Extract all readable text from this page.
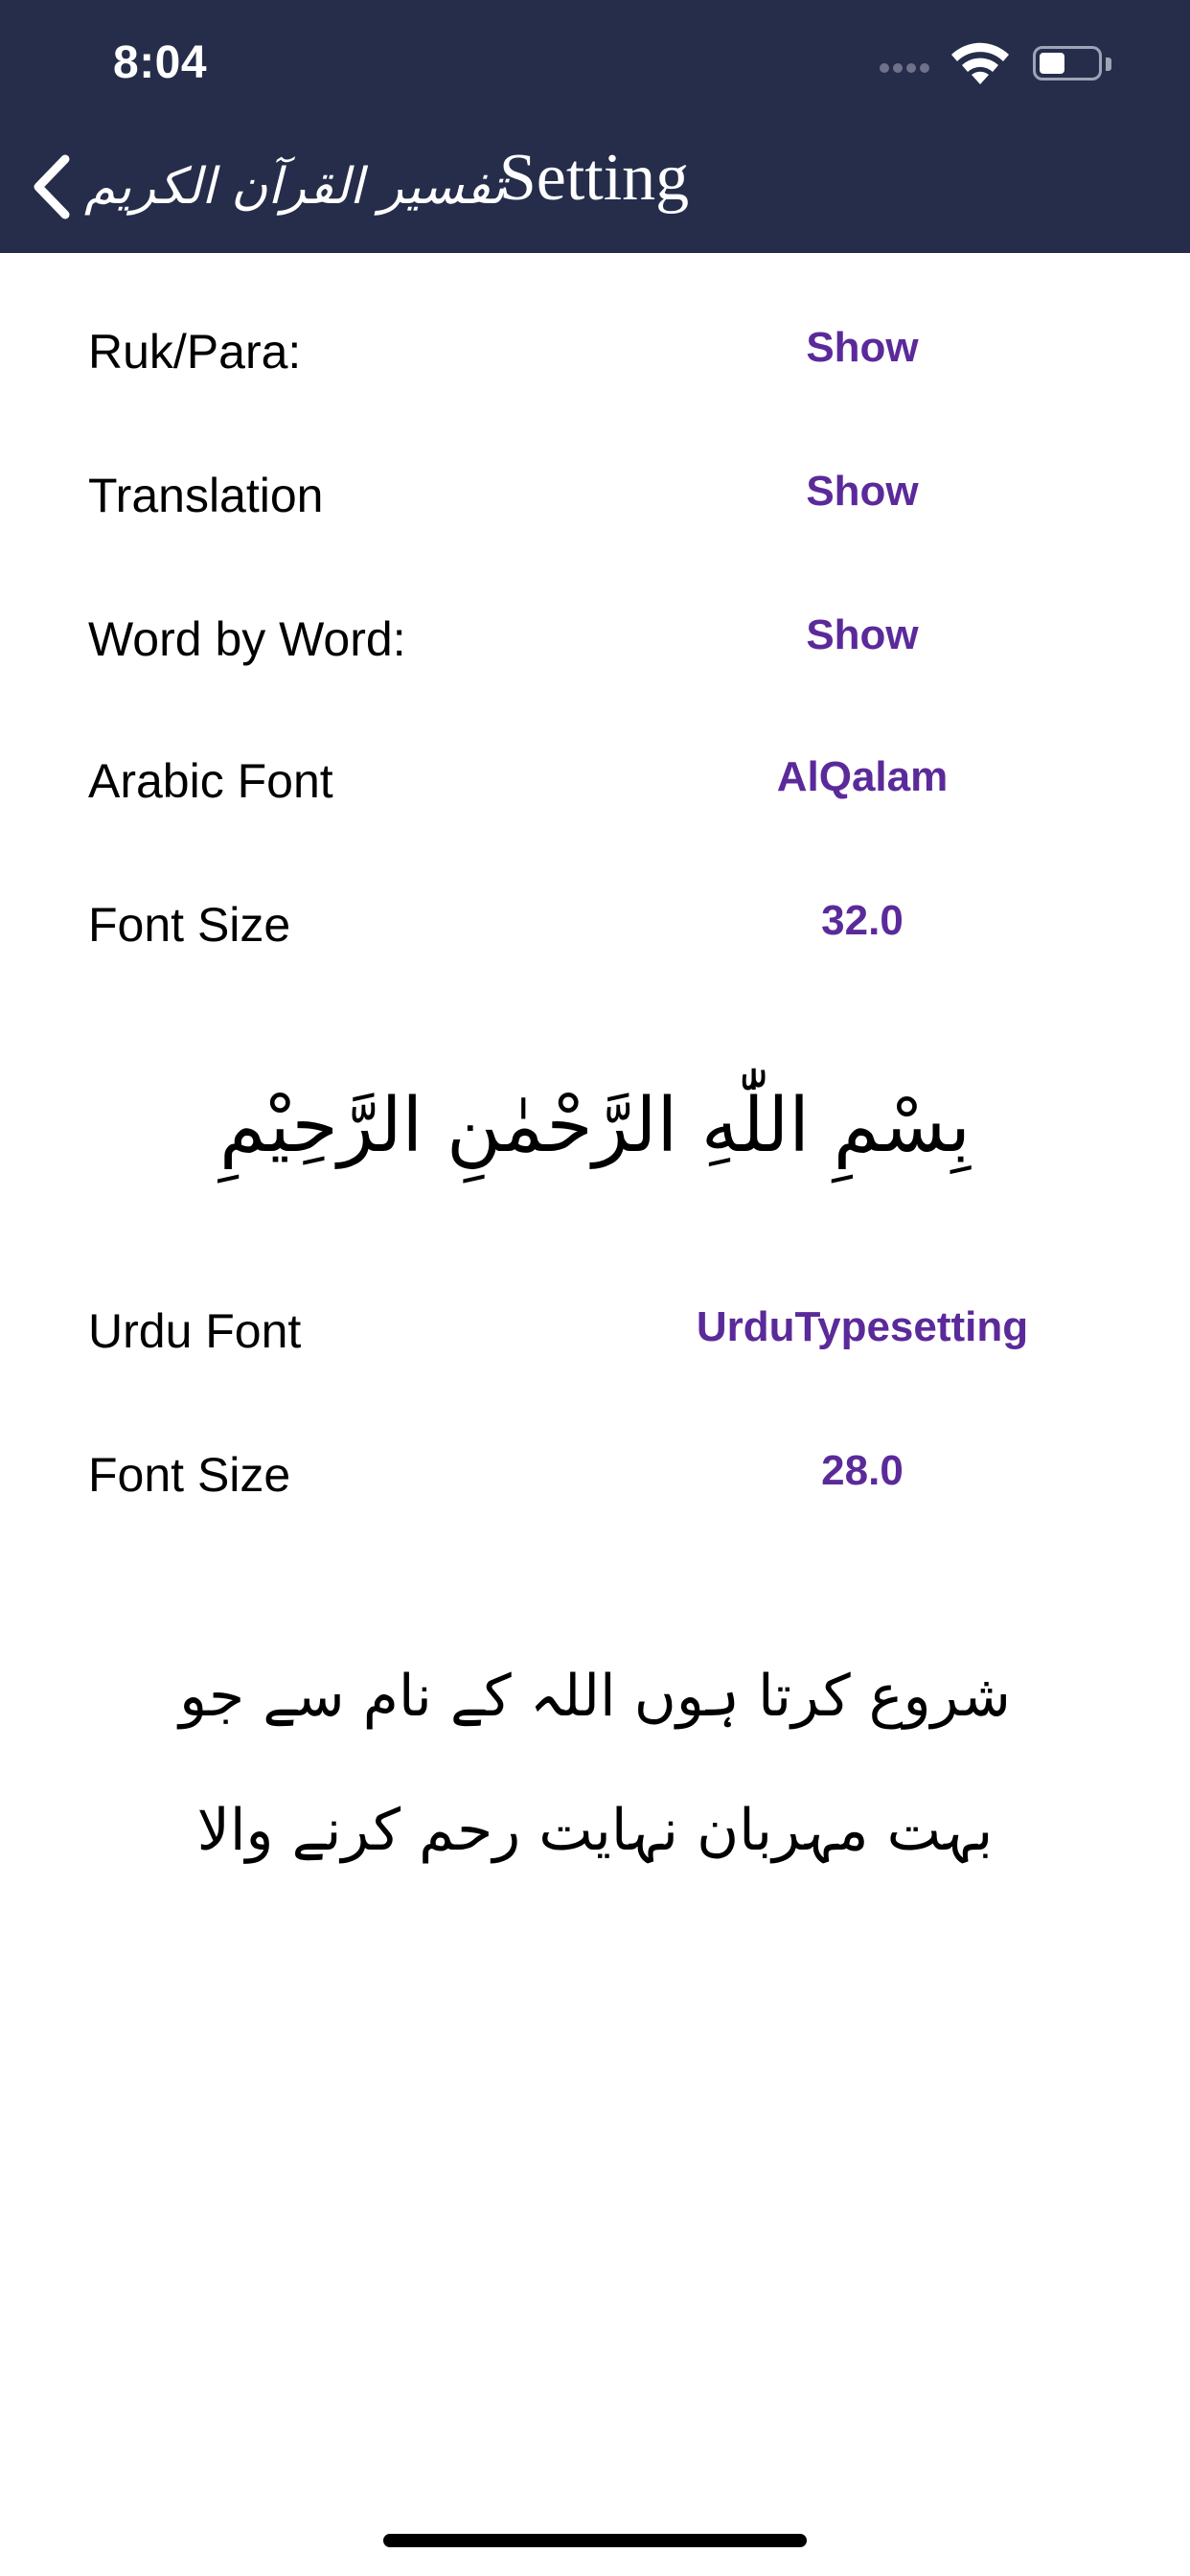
8:04
تفسیر القرآن الکریم
Setting
Ruk/Para:	Show
Translation	Show
Word by Word:	Show
Arabic Font	AlQalam
Font Size	32.0
بِسْمِ اللّٰهِ الرَّحْمٰنِ الرَّحِيْمِ
Urdu Font	UrduTypesetting
Font Size	28.0
شروع کرتا ہوں اللہ کے نام سے جو بہت مہربان نہایت رحم کرنے والا
